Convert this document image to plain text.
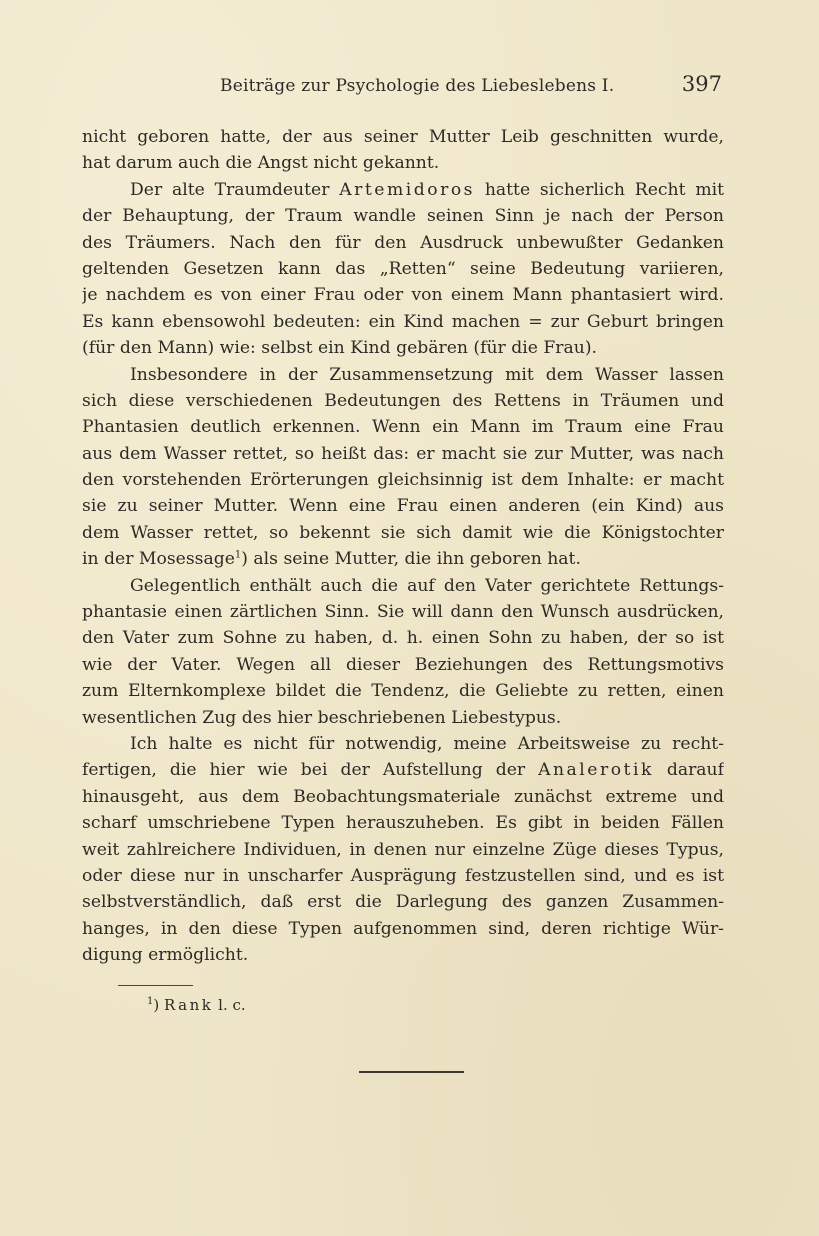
Beiträge zur Psychologie des Liebeslebens I.	397
nicht geboren hatte, der aus seiner Mutter Leib geschnitten wurde,
hat darum auch die Angst nicht gekannt.
Der alte Traumdeuter Artemidoros hatte sicherlich Recht mit
der Behauptung, der Traum wandle seinen Sinn je nach der Person
des Träumers. Nach den für den Ausdruck unbewußter Gedanken
geltenden Gesetzen kann das „Retten“ seine Bedeutung variieren,
je nachdem es von einer Frau oder von einem Mann phantasiert wird.
Es kann ebensowohl bedeuten: ein Kind machen = zur Geburt bringen
(für den Mann) wie: selbst ein Kind gebären (für die Frau).
Insbesondere in der Zusammensetzung mit dem Wasser lassen
sich diese verschiedenen Bedeutungen des Rettens in Träumen und
Phantasien deutlich erkennen. Wenn ein Mann im Traum eine Frau
aus dem Wasser rettet, so heißt das: er macht sie zur Mutter, was nach
den vorstehenden Erörterungen gleichsinnig ist dem Inhalte: er macht
sie zu seiner Mutter. Wenn eine Frau einen anderen (ein Kind) aus
dem Wasser rettet, so bekennt sie sich damit wie die Königstochter
in der Mosessage$^1$) als seine Mutter, die ihn geboren hat.
Gelegentlich enthält auch die auf den Vater gerichtete Rettungs-
phantasie einen zärtlichen Sinn. Sie will dann den Wunsch ausdrücken,
den Vater zum Sohne zu haben, d. h. einen Sohn zu haben, der so ist
wie der Vater. Wegen all dieser Beziehungen des Rettungsmotivs
zum Elternkomplexe bildet die Tendenz, die Geliebte zu retten, einen
wesentlichen Zug des hier beschriebenen Liebestypus.
Ich halte es nicht für notwendig, meine Arbeitsweise zu recht-
fertigen, die hier wie bei der Aufstellung der Analerotik darauf
hinausgeht, aus dem Beobachtungsmateriale zunächst extreme und
scharf umschriebene Typen herauszuheben. Es gibt in beiden Fällen
weit zahlreichere Individuen, in denen nur einzelne Züge dieses Typus,
oder diese nur in unscharfer Ausprägung festzustellen sind, und es ist
selbstverständlich, daß erst die Darlegung des ganzen Zusammen-
hanges, in den diese Typen aufgenommen sind, deren richtige Wür-
digung ermöglicht.
$^1$) Rank l. c.
